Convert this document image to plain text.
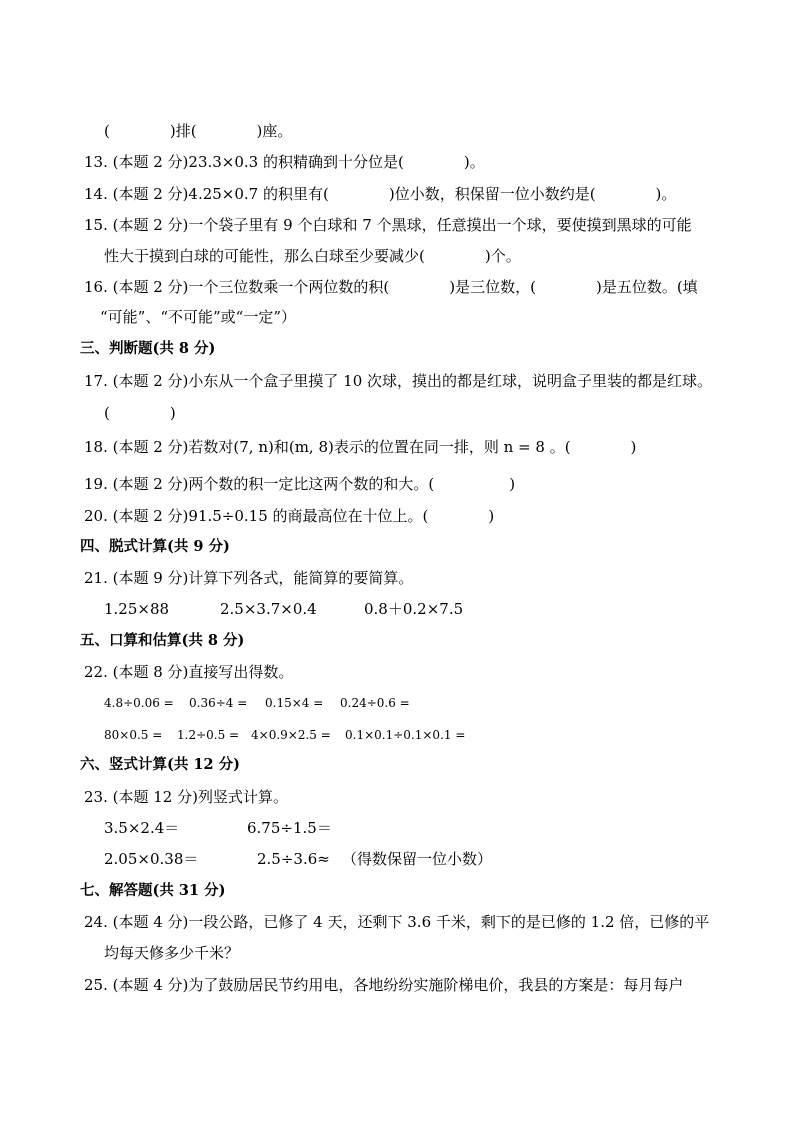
(　　　　)排(　　　　)座。
13. (本题 2 分)23.3×0.3 的积精确到十分位是(　　　　)。
14. (本题 2 分)4.25×0.7 的积里有(　　　　)位小数，积保留一位小数约是(　　　　)。
15. (本题 2 分)一个袋子里有 9 个白球和 7 个黑球，任意摸出一个球，要使摸到黑球的可能
性大于摸到白球的可能性，那么白球至少要减少(　　　　)个。
16. (本题 2 分)一个三位数乘一个两位数的积(　　　　)是三位数，(　　　　)是五位数。(填
“可能”、“不可能”或“一定”）
三、判断题(共 8 分)
17. (本题 2 分)小东从一个盒子里摸了 10 次球，摸出的都是红球，说明盒子里装的都是红球。
(　　　　)
18. (本题 2 分)若数对(7, n)和(m, 8)表示的位置在同一排，则 n = 8 。(　　　　)
19. (本题 2 分)两个数的积一定比这两个数的和大。(　　　　　)
20. (本题 2 分)91.5÷0.15 的商最高位在十位上。(　　　　)
四、脱式计算(共 9 分)
21. (本题 9 分)计算下列各式，能简算的要简算。
1.25×88	2.5×3.7×0.4	0.8＋0.2×7.5
五、口算和估算(共 8 分)
22. (本题 8 分)直接写出得数。
4.8÷0.06 = 0.36÷4 = 0.15×4 = 0.24÷0.6 =
80×0.5 = 1.2÷0.5 = 4×0.9×2.5 = 0.1×0.1÷0.1×0.1 =
六、竖式计算(共 12 分)
23. (本题 12 分)列竖式计算。
3.5×2.4＝	6.75÷1.5＝
2.05×0.38＝	2.5÷3.6≈ （得数保留一位小数）
七、解答题(共 31 分)
24. (本题 4 分)一段公路，已修了 4 天，还剩下 3.6 千米，剩下的是已修的 1.2 倍，已修的平
均每天修多少千米？
25. (本题 4 分)为了鼓励居民节约用电，各地纷纷实施阶梯电价，我县的方案是：每月每户
